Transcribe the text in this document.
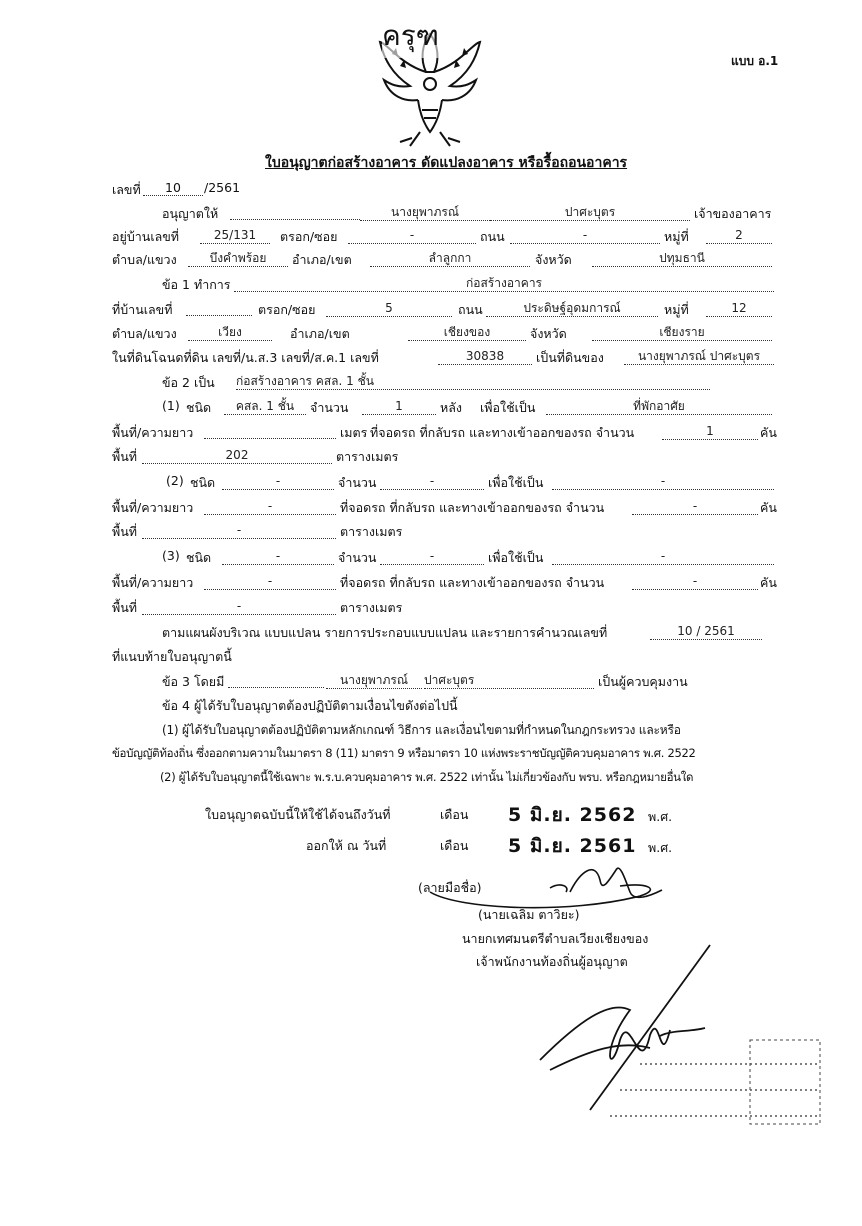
ครุฑ
แบบ อ.1
ใบอนุญาตก่อสร้างอาคาร ดัดแปลงอาคาร หรือรื้อถอนอาคาร
เลขที่	10	/2561
อนุญาตให้	นางยุพาภรณ์	ปาศะบุตร	เจ้าของอาคาร
อยู่บ้านเลขที่	25/131	ตรอก/ซอย	-	ถนน	-	หมู่ที่	2
ตำบล/แขวง	บึงคำพร้อย	อำเภอ/เขต	ลำลูกกา	จังหวัด	ปทุมธานี
ข้อ 1 ทำการ	ก่อสร้างอาคาร
ที่บ้านเลขที่	ตรอก/ซอย	5	ถนน	ประดิษฐ์อุดมการณ์	หมู่ที่	12
ตำบล/แขวง	เวียง	อำเภอ/เขต	เชียงของ	จังหวัด	เชียงราย
ในที่ดินโฉนดที่ดิน เลขที่/น.ส.3 เลขที่/ส.ค.1 เลขที่	30838	เป็นที่ดินของ	นางยุพาภรณ์ ปาศะบุตร
ข้อ 2 เป็น ก่อสร้างอาคาร คสล. 1 ชั้น
(1) ชนิด	คสล. 1 ชั้น	จำนวน	1	หลัง เพื่อใช้เป็น	ที่พักอาศัย
พื้นที่/ความยาว	เมตร ที่จอดรถ ที่กลับรถ และทางเข้าออกของรถ จำนวน	1	คัน
พื้นที่	202	ตารางเมตร
(2) ชนิด	-	จำนวน	-	เพื่อใช้เป็น	-
พื้นที่/ความยาว	-	ที่จอดรถ ที่กลับรถ และทางเข้าออกของรถ จำนวน	-	คัน
พื้นที่	-	ตารางเมตร
(3) ชนิด	-	จำนวน	-	เพื่อใช้เป็น	-
พื้นที่/ความยาว	-	ที่จอดรถ ที่กลับรถ และทางเข้าออกของรถ จำนวน	-	คัน
พื้นที่	-	ตารางเมตร
ตามแผนผังบริเวณ แบบแปลน รายการประกอบแบบแปลน และรายการคำนวณเลขที่	10 / 2561
ที่แนบท้ายใบอนุญาตนี้
ข้อ 3 โดยมี	นางยุพาภรณ์	ปาศะบุตร	เป็นผู้ควบคุมงาน
ข้อ 4 ผู้ได้รับใบอนุญาตต้องปฏิบัติตามเงื่อนไขดังต่อไปนี้
(1) ผู้ได้รับใบอนุญาตต้องปฏิบัติตามหลักเกณฑ์ วิธีการ และเงื่อนไขตามที่กำหนดในกฎกระทรวง และหรือ
ข้อบัญญัติท้องถิ่น ซึ่งออกตามความในมาตรา 8 (11) มาตรา 9 หรือมาตรา 10 แห่งพระราชบัญญัติควบคุมอาคาร พ.ศ. 2522
(2) ผู้ได้รับใบอนุญาตนี้ใช้เฉพาะ พ.ร.บ.ควบคุมอาคาร พ.ศ. 2522 เท่านั้น ไม่เกี่ยวข้องกับ พรบ. หรือกฎหมายอื่นใด
ใบอนุญาตฉบับนี้ให้ใช้ได้จนถึงวันที่	เดือน 5 มิ.ย. 2562 พ.ศ.
ออกให้ ณ วันที่	เดือน 5 มิ.ย. 2561 พ.ศ.
(ลายมือชื่อ)
(นายเฉลิม ตาวิยะ)
นายกเทศมนตรีตำบลเวียงเชียงของ
เจ้าพนักงานท้องถิ่นผู้อนุญาต
